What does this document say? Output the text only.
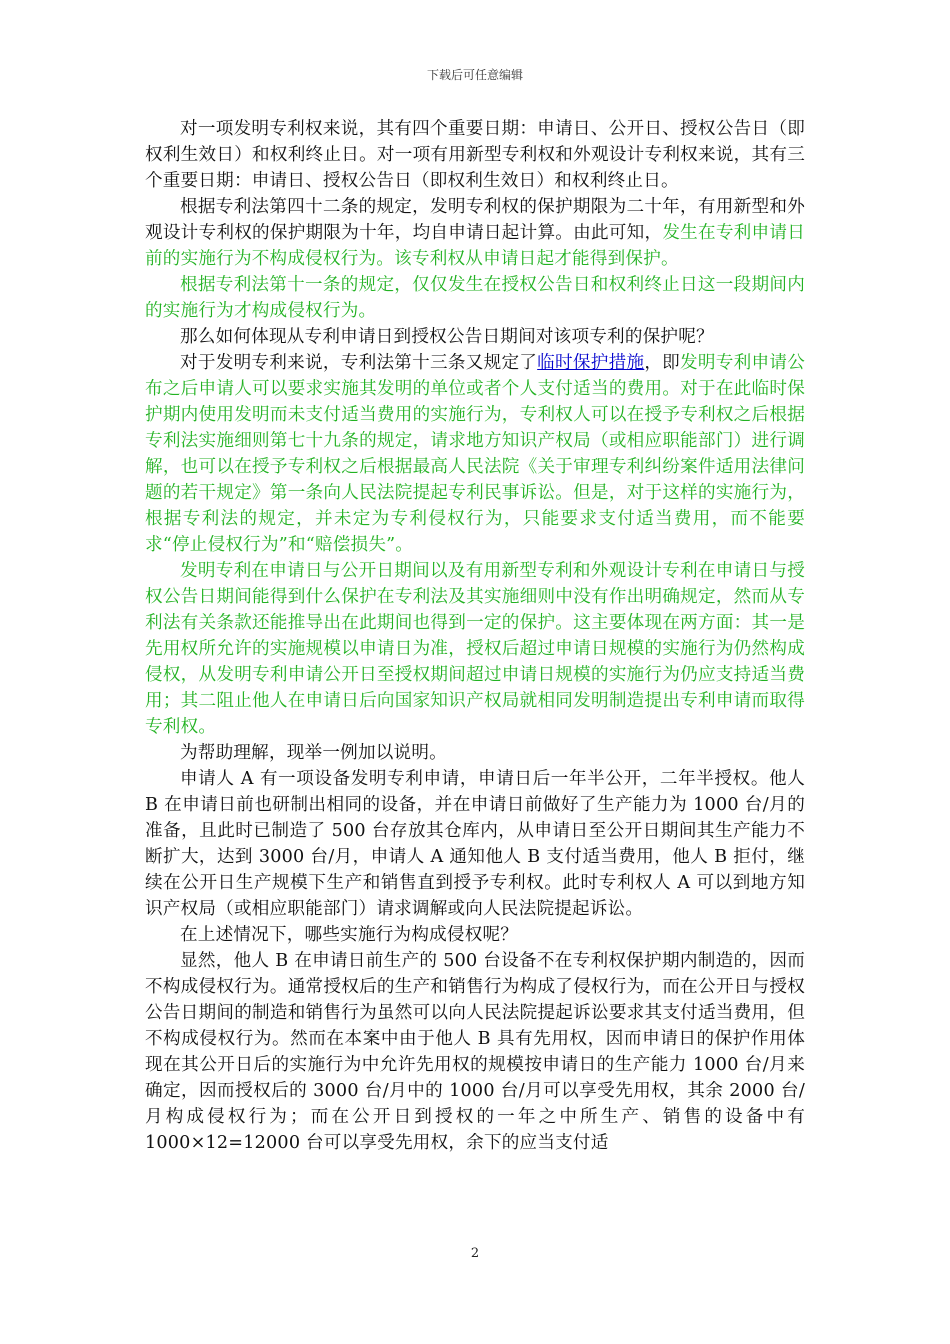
下载后可任意编辑

对一项发明专利权来说，其有四个重要日期：申请日、公开日、授权公告日（即权利生效日）和权利终止日。对一项有用新型专利权和外观设计专利权来说，其有三个重要日期：申请日、授权公告日（即权利生效日）和权利终止日。

根据专利法第四十二条的规定，发明专利权的保护期限为二十年，有用新型和外观设计专利权的保护期限为十年，均自申请日起计算。由此可知，发生在专利申请日前的实施行为不构成侵权行为。该专利权从申请日起才能得到保护。

根据专利法第十一条的规定，仅仅发生在授权公告日和权利终止日这一段期间内的实施行为才构成侵权行为。

那么如何体现从专利申请日到授权公告日期间对该项专利的保护呢？

对于发明专利来说，专利法第十三条又规定了临时保护措施，即发明专利申请公布之后申请人可以要求实施其发明的单位或者个人支付适当的费用。对于在此临时保护期内使用发明而未支付适当费用的实施行为，专利权人可以在授予专利权之后根据专利法实施细则第七十九条的规定，请求地方知识产权局（或相应职能部门）进行调解，也可以在授予专利权之后根据最高人民法院《关于审理专利纠纷案件适用法律问题的若干规定》第一条向人民法院提起专利民事诉讼。但是，对于这样的实施行为，根据专利法的规定，并未定为专利侵权行为，只能要求支付适当费用，而不能要求“停止侵权行为”和“赔偿损失”。

发明专利在申请日与公开日期间以及有用新型专利和外观设计专利在申请日与授权公告日期间能得到什么保护在专利法及其实施细则中没有作出明确规定，然而从专利法有关条款还能推导出在此期间也得到一定的保护。这主要体现在两方面：其一是先用权所允许的实施规模以申请日为准，授权后超过申请日规模的实施行为仍然构成侵权，从发明专利申请公开日至授权期间超过申请日规模的实施行为仍应支持适当费用；其二阻止他人在申请日后向国家知识产权局就相同发明制造提出专利申请而取得专利权。

为帮助理解，现举一例加以说明。

申请人 A 有一项设备发明专利申请，申请日后一年半公开，二年半授权。他人 B 在申请日前也研制出相同的设备，并在申请日前做好了生产能力为 1000 台/月的准备，且此时已制造了 500 台存放其仓库内，从申请日至公开日期间其生产能力不断扩大，达到 3000 台/月，申请人 A 通知他人 B 支付适当费用，他人 B 拒付，继续在公开日生产规模下生产和销售直到授予专利权。此时专利权人 A 可以到地方知识产权局（或相应职能部门）请求调解或向人民法院提起诉讼。

在上述情况下，哪些实施行为构成侵权呢？

显然，他人 B 在申请日前生产的 500 台设备不在专利权保护期内制造的，因而不构成侵权行为。通常授权后的生产和销售行为构成了侵权行为，而在公开日与授权公告日期间的制造和销售行为虽然可以向人民法院提起诉讼要求其支付适当费用，但不构成侵权行为。然而在本案中由于他人 B 具有先用权，因而申请日的保护作用体现在其公开日后的实施行为中允许先用权的规模按申请日的生产能力 1000 台/月来确定，因而授权后的 3000 台/月中的 1000 台/月可以享受先用权，其余 2000 台/月构成侵权行为；而在公开日到授权的一年之中所生产、销售的设备中有 1000×12=12000 台可以享受先用权，余下的应当支付适

2
